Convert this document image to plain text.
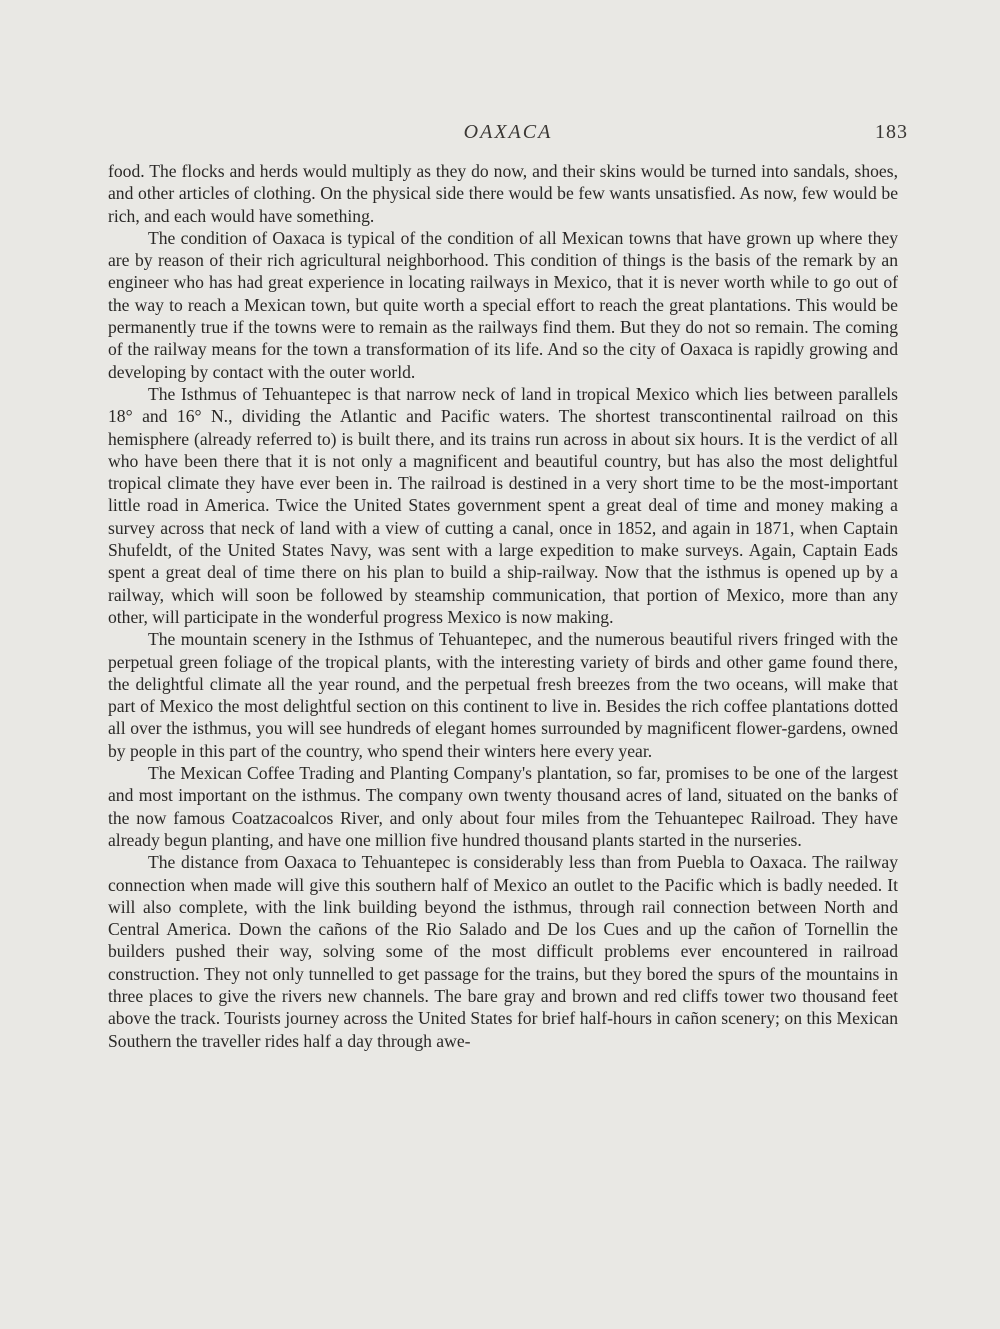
OAXACA	183

food. The flocks and herds would multiply as they do now, and their skins would be turned into sandals, shoes, and other articles of clothing. On the physical side there would be few wants unsatisfied. As now, few would be rich, and each would have something.

The condition of Oaxaca is typical of the condition of all Mexican towns that have grown up where they are by reason of their rich agricultural neighborhood. This condition of things is the basis of the remark by an engineer who has had great experience in locating railways in Mexico, that it is never worth while to go out of the way to reach a Mexican town, but quite worth a special effort to reach the great plantations. This would be permanently true if the towns were to remain as the railways find them. But they do not so remain. The coming of the railway means for the town a transformation of its life. And so the city of Oaxaca is rapidly growing and developing by contact with the outer world.

The Isthmus of Tehuantepec is that narrow neck of land in tropical Mexico which lies between parallels 18° and 16° N., dividing the Atlantic and Pacific waters. The shortest transcontinental railroad on this hemisphere (already referred to) is built there, and its trains run across in about six hours. It is the verdict of all who have been there that it is not only a magnificent and beautiful country, but has also the most delightful tropical climate they have ever been in. The railroad is destined in a very short time to be the most-important little road in America. Twice the United States government spent a great deal of time and money making a survey across that neck of land with a view of cutting a canal, once in 1852, and again in 1871, when Captain Shufeldt, of the United States Navy, was sent with a large expedition to make surveys. Again, Captain Eads spent a great deal of time there on his plan to build a ship-railway. Now that the isthmus is opened up by a railway, which will soon be followed by steamship communication, that portion of Mexico, more than any other, will participate in the wonderful progress Mexico is now making.

The mountain scenery in the Isthmus of Tehuantepec, and the numerous beautiful rivers fringed with the perpetual green foliage of the tropical plants, with the interesting variety of birds and other game found there, the delightful climate all the year round, and the perpetual fresh breezes from the two oceans, will make that part of Mexico the most delightful section on this continent to live in. Besides the rich coffee plantations dotted all over the isthmus, you will see hundreds of elegant homes surrounded by magnificent flower-gardens, owned by people in this part of the country, who spend their winters here every year.

The Mexican Coffee Trading and Planting Company's plantation, so far, promises to be one of the largest and most important on the isthmus. The company own twenty thousand acres of land, situated on the banks of the now famous Coatzacoalcos River, and only about four miles from the Tehuantepec Railroad. They have already begun planting, and have one million five hundred thousand plants started in the nurseries.

The distance from Oaxaca to Tehuantepec is considerably less than from Puebla to Oaxaca. The railway connection when made will give this southern half of Mexico an outlet to the Pacific which is badly needed. It will also complete, with the link building beyond the isthmus, through rail connection between North and Central America. Down the cañons of the Rio Salado and De los Cues and up the cañon of Tornellin the builders pushed their way, solving some of the most difficult problems ever encountered in railroad construction. They not only tunnelled to get passage for the trains, but they bored the spurs of the mountains in three places to give the rivers new channels. The bare gray and brown and red cliffs tower two thousand feet above the track. Tourists journey across the United States for brief half-hours in cañon scenery; on this Mexican Southern the traveller rides half a day through awe-
